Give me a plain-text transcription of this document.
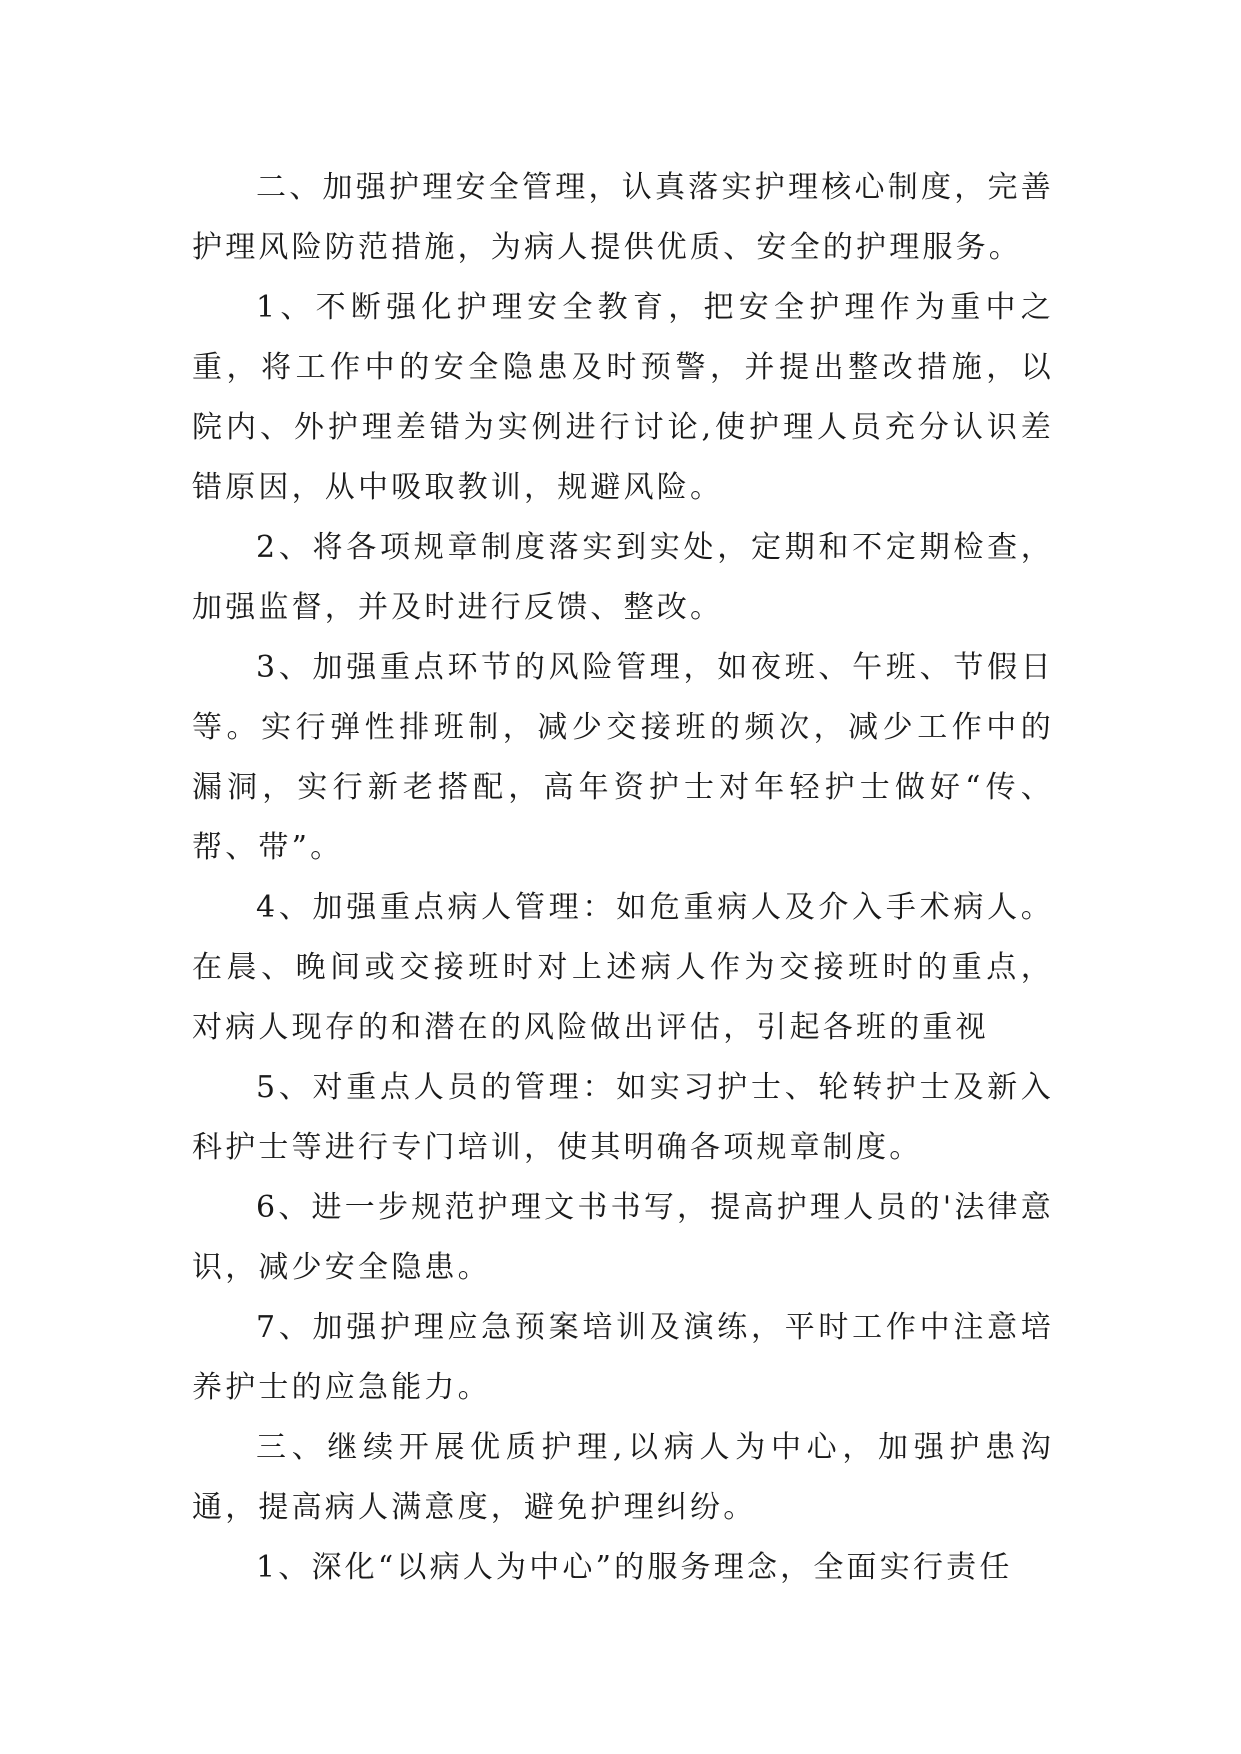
二、加强护理安全管理，认真落实护理核心制度，完善护理风险防范措施，为病人提供优质、安全的护理服务。

1、不断强化护理安全教育，把安全护理作为重中之重，将工作中的安全隐患及时预警，并提出整改措施，以院内、外护理差错为实例进行讨论,使护理人员充分认识差错原因，从中吸取教训，规避风险。

2、将各项规章制度落实到实处，定期和不定期检查，加强监督，并及时进行反馈、整改。

3、加强重点环节的风险管理，如夜班、午班、节假日等。实行弹性排班制，减少交接班的频次，减少工作中的漏洞，实行新老搭配，高年资护士对年轻护士做好“传、帮、带”。

4、加强重点病人管理：如危重病人及介入手术病人。在晨、晚间或交接班时对上述病人作为交接班时的重点，对病人现存的和潜在的风险做出评估，引起各班的重视

5、对重点人员的管理：如实习护士、轮转护士及新入科护士等进行专门培训，使其明确各项规章制度。

6、进一步规范护理文书书写，提高护理人员的'法律意识，减少安全隐患。

7、加强护理应急预案培训及演练，平时工作中注意培养护士的应急能力。

三、继续开展优质护理,以病人为中心，加强护患沟通，提高病人满意度，避免护理纠纷。

1、深化“以病人为中心”的服务理念，全面实行责任
